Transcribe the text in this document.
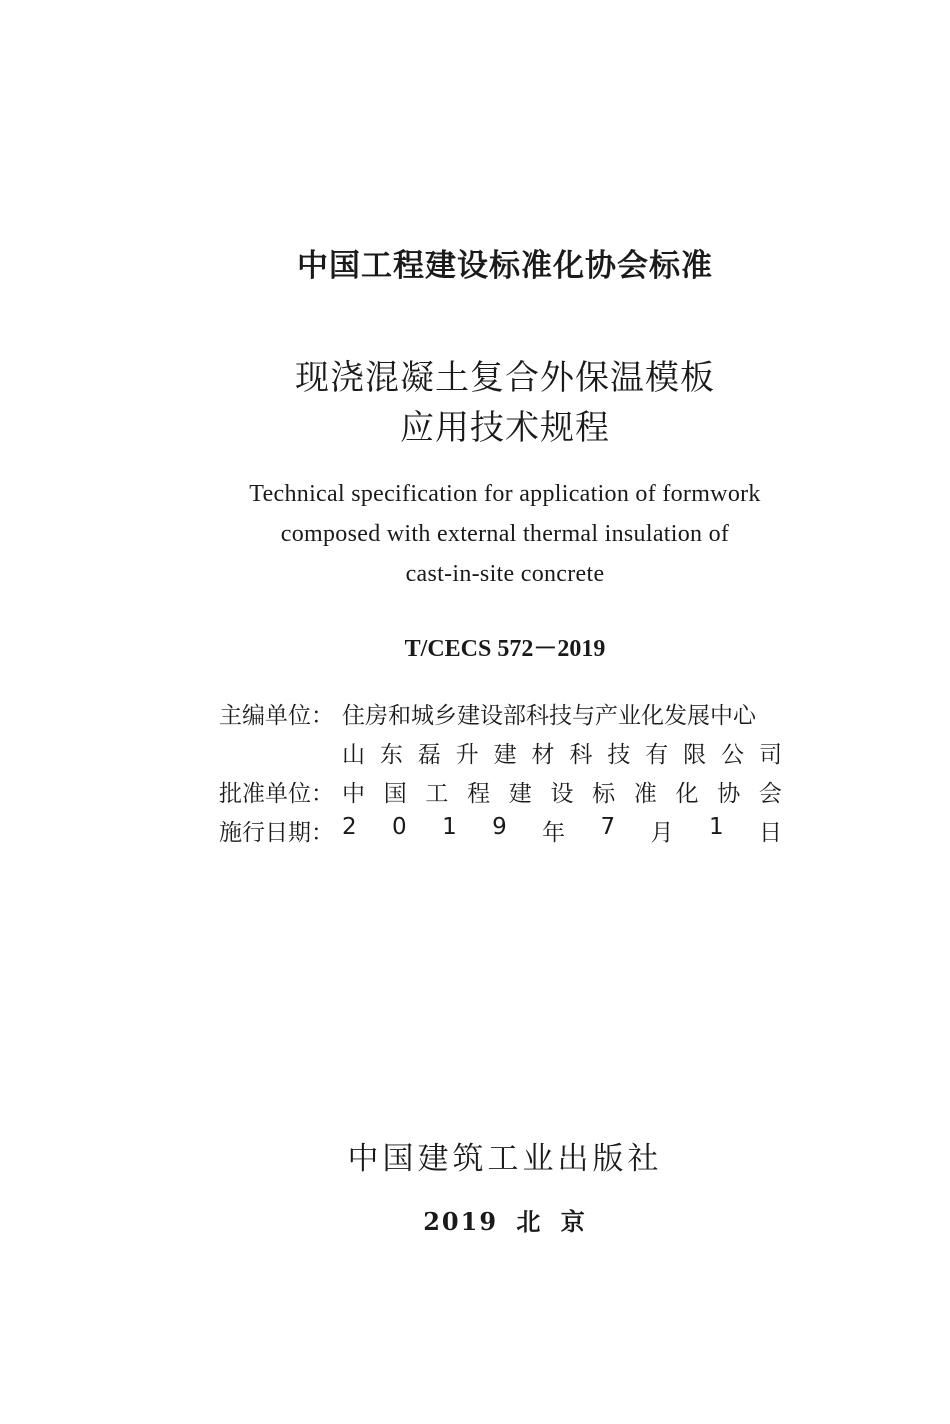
中国工程建设标准化协会标准
现浇混凝土复合外保温模板
应用技术规程
Technical specification for application of formwork
composed with external thermal insulation of
cast-in-site concrete
T/CECS 572－2019
主编单位： 住房和城乡建设部科技与产业化发展中心
山 东 磊 升 建 材 科 技 有 限 公 司
批准单位： 中 国 工 程 建 设 标 准 化 协 会
施行日期： 2 0 1 9 年 7 月 1 日
中国建筑工业出版社
2019 北 京
